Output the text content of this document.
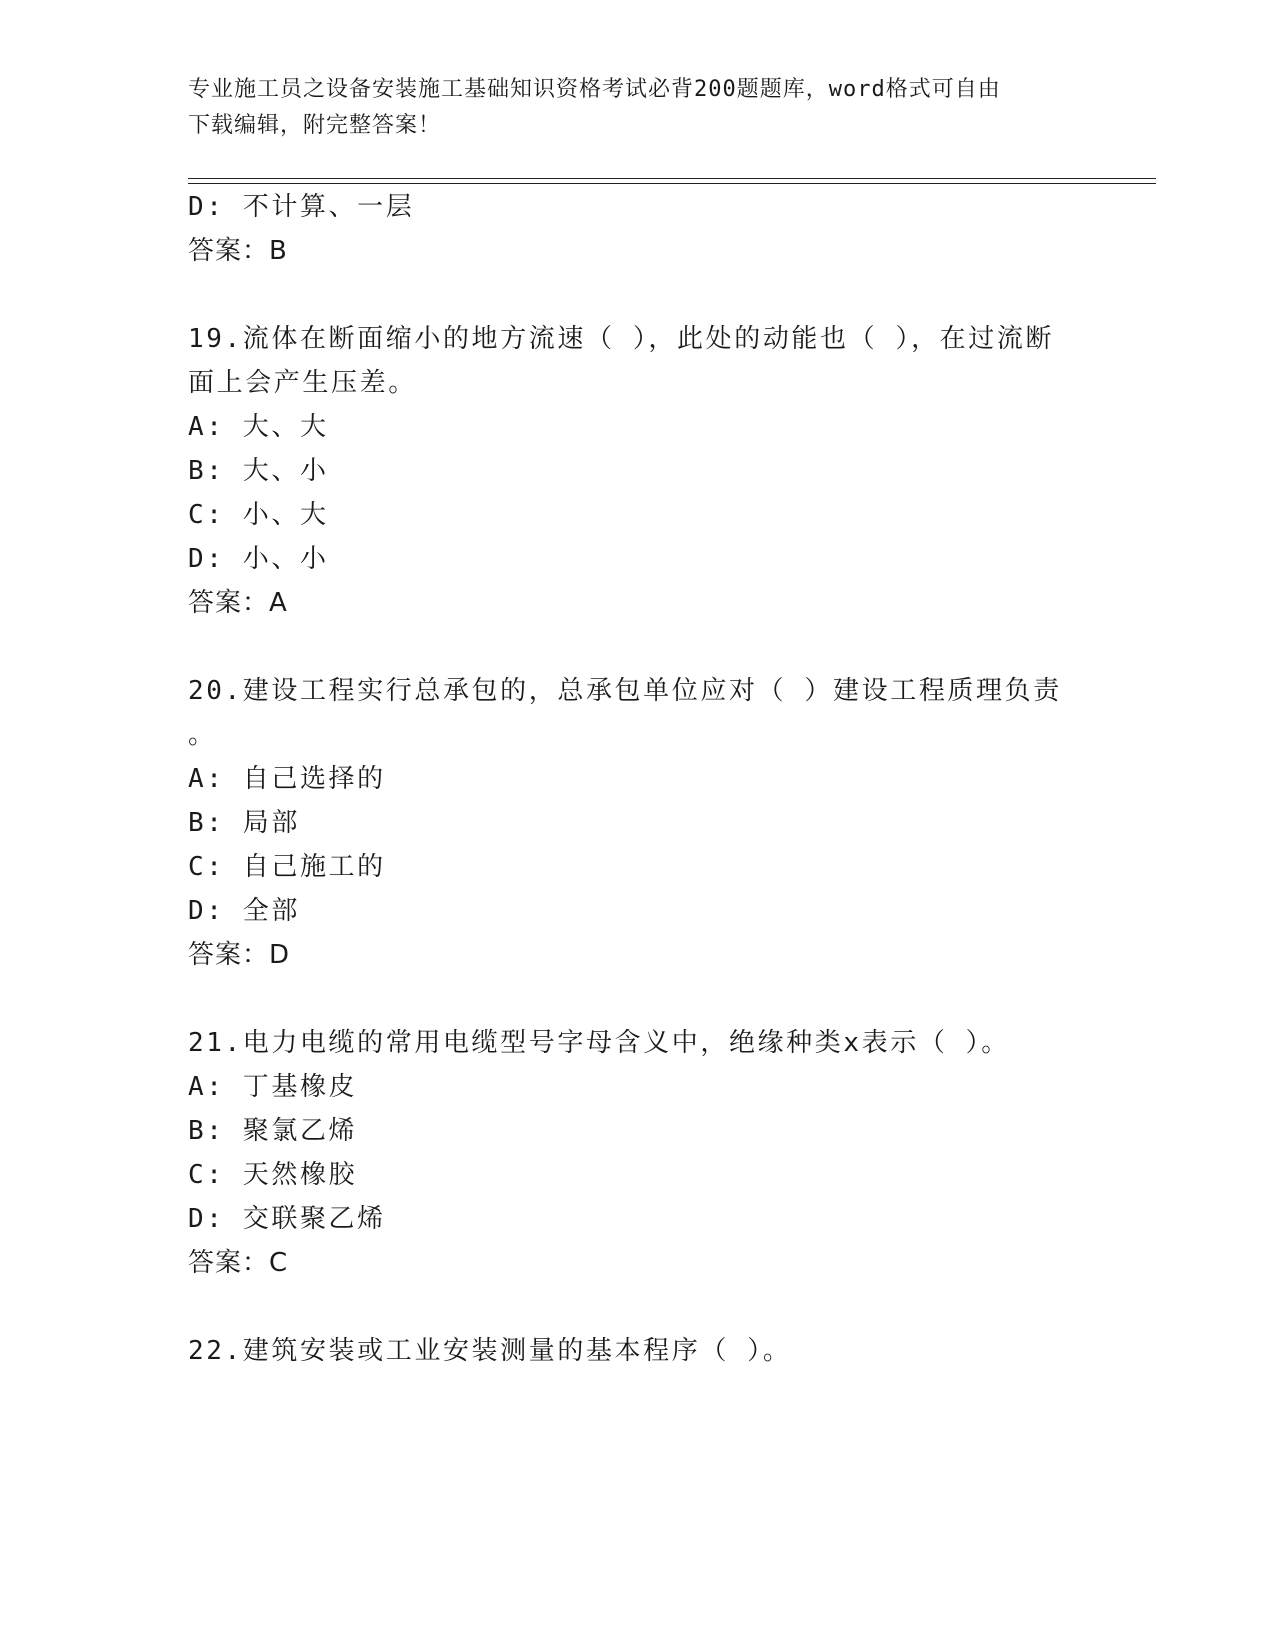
专业施工员之设备安装施工基础知识资格考试必背200题题库，word格式可自由
下载编辑，附完整答案！
D: 不计算、一层
答案：B
19.流体在断面缩小的地方流速（ ），此处的动能也（ ），在过流断
面上会产生压差。
A: 大、大
B: 大、小
C: 小、大
D: 小、小
答案：A
20.建设工程实行总承包的，总承包单位应对（ ）建设工程质理负责
。
A: 自己选择的
B: 局部
C: 自己施工的
D: 全部
答案：D
21.电力电缆的常用电缆型号字母含义中，绝缘种类x表示（ ）。
A: 丁基橡皮
B: 聚氯乙烯
C: 天然橡胶
D: 交联聚乙烯
答案：C
22.建筑安装或工业安装测量的基本程序（ ）。
